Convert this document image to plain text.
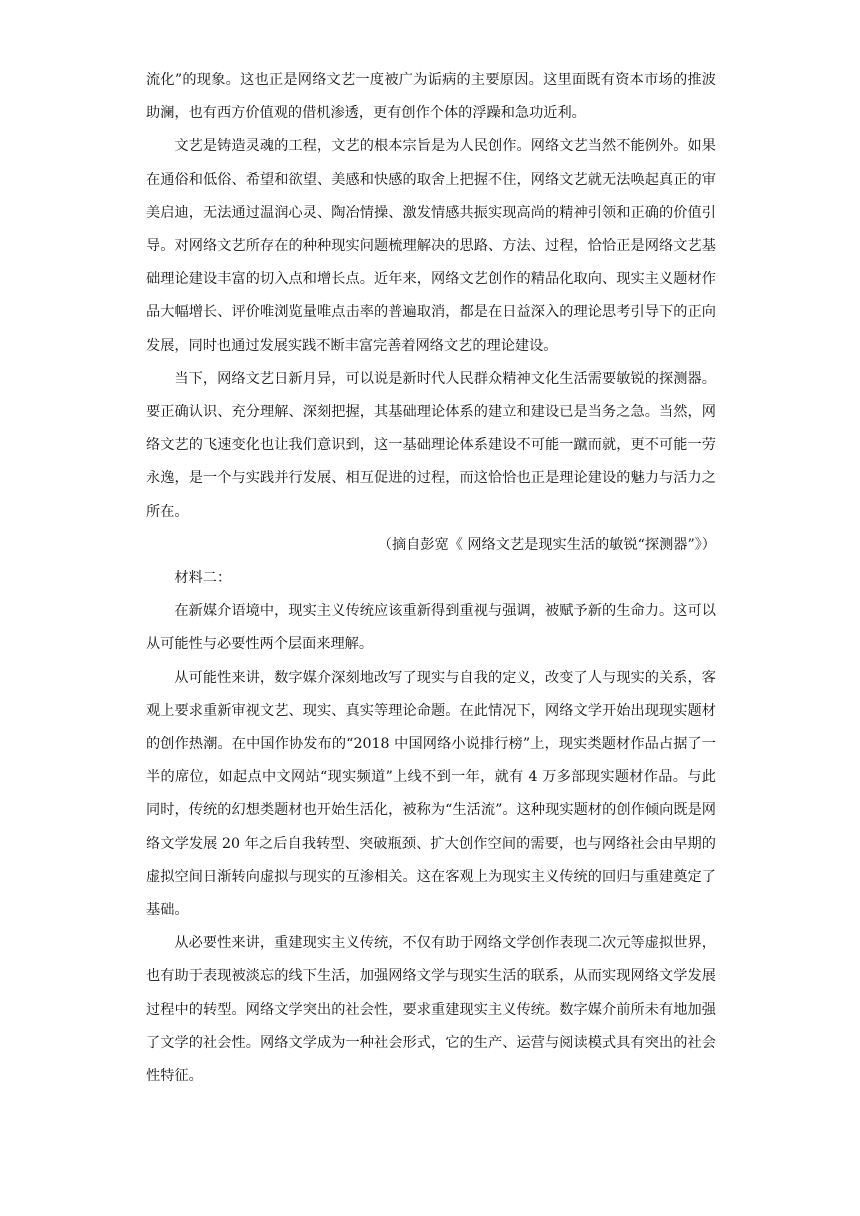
流化”的现象。这也正是网络文艺一度被广为诟病的主要原因。这里面既有资本市场的推波助澜，也有西方价值观的借机渗透，更有创作个体的浮躁和急功近利。

文艺是铸造灵魂的工程，文艺的根本宗旨是为人民创作。网络文艺当然不能例外。如果在通俗和低俗、希望和欲望、美感和快感的取舍上把握不住，网络文艺就无法唤起真正的审美启迪，无法通过温润心灵、陶冶情操、激发情感共振实现高尚的精神引领和正确的价值引导。对网络文艺所存在的种种现实问题梳理解决的思路、方法、过程，恰恰正是网络文艺基础理论建设丰富的切入点和增长点。近年来，网络文艺创作的精品化取向、现实主义题材作品大幅增长、评价唯浏览量唯点击率的普遍取消，都是在日益深入的理论思考引导下的正向发展，同时也通过发展实践不断丰富完善着网络文艺的理论建设。

当下，网络文艺日新月异，可以说是新时代人民群众精神文化生活需要敏锐的探测器。要正确认识、充分理解、深刻把握，其基础理论体系的建立和建设已是当务之急。当然，网络文艺的飞速变化也让我们意识到，这一基础理论体系建设不可能一蹴而就，更不可能一劳永逸，是一个与实践并行发展、相互促进的过程，而这恰恰也正是理论建设的魅力与活力之所在。

（摘自彭宽《 网络文艺是现实生活的敏锐“探测器”》）

材料二：

在新媒介语境中，现实主义传统应该重新得到重视与强调，被赋予新的生命力。这可以从可能性与必要性两个层面来理解。

从可能性来讲，数字媒介深刻地改写了现实与自我的定义，改变了人与现实的关系，客观上要求重新审视文艺、现实、真实等理论命题。在此情况下，网络文学开始出现现实题材的创作热潮。在中国作协发布的“2018 中国网络小说排行榜”上，现实类题材作品占据了一半的席位，如起点中文网站“现实频道”上线不到一年，就有 4 万多部现实题材作品。与此同时，传统的幻想类题材也开始生活化，被称为“生活流”。这种现实题材的创作倾向既是网络文学发展 20 年之后自我转型、突破瓶颈、扩大创作空间的需要，也与网络社会由早期的虚拟空间日渐转向虚拟与现实的互渗相关。这在客观上为现实主义传统的回归与重建奠定了基础。

从必要性来讲，重建现实主义传统，不仅有助于网络文学创作表现二次元等虚拟世界，也有助于表现被淡忘的线下生活，加强网络文学与现实生活的联系，从而实现网络文学发展过程中的转型。网络文学突出的社会性，要求重建现实主义传统。数字媒介前所未有地加强了文学的社会性。网络文学成为一种社会形式，它的生产、运营与阅读模式具有突出的社会性特征。
